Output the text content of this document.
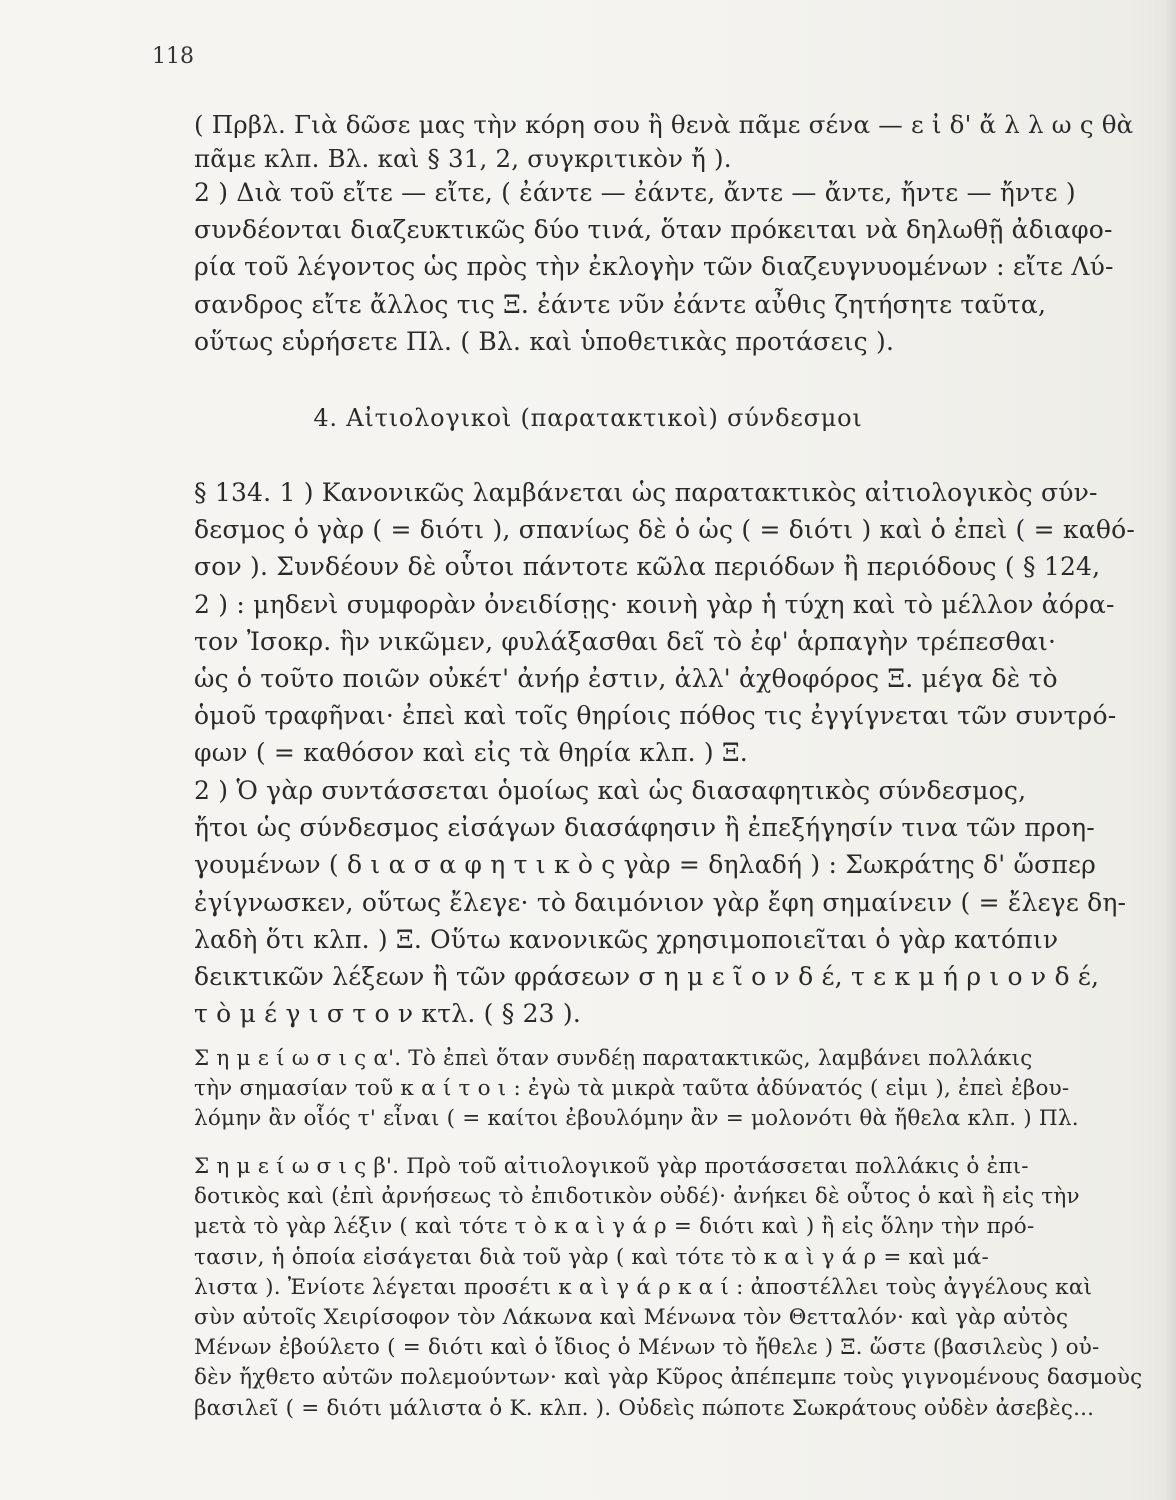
118
( Πρβλ. Γιὰ δῶσε μας τὴν κόρη σου ἢ θενὰ πᾶμε σένα — ε ἰ δ' ἄ λ λ ω ς θὰ
πᾶμε κλπ. Βλ. καὶ § 31, 2, συγκριτικὸν ἤ ).
2 ) Διὰ τοῦ εἴτε — εἴτε, ( ἐάντε — ἐάντε, ἄντε — ἄντε, ἤντε — ἤντε )
συνδέονται διαζευκτικῶς δύο τινά, ὅταν πρόκειται νὰ δηλωθῇ ἀδιαφο-
ρία τοῦ λέγοντος ὡς πρὸς τὴν ἐκλογὴν τῶν διαζευγνυομένων : εἴτε Λύ-
σανδρος εἴτε ἄλλος τις Ξ. ἐάντε νῦν ἐάντε αὖθις ζητήσητε ταῦτα,
οὕτως εὑρήσετε Πλ. ( Βλ. καὶ ὑποθετικὰς προτάσεις ).
4. Αἰτιολογικοὶ (παρατακτικοὶ) σύνδεσμοι
§ 134. 1 ) Κανονικῶς λαμβάνεται ὡς παρατακτικὸς αἰτιολογικὸς σύν-
δεσμος ὁ γὰρ ( = διότι ), σπανίως δὲ ὁ ὡς ( = διότι ) καὶ ὁ ἐπεὶ ( = καθό-
σον ). Συνδέουν δὲ οὗτοι πάντοτε κῶλα περιόδων ἢ περιόδους ( § 124,
2 ) : μηδενὶ συμφορὰν ὀνειδίσῃς· κοινὴ γὰρ ἡ τύχη καὶ τὸ μέλλον ἀόρα-
τον Ἰσοκρ. ἣν νικῶμεν, φυλάξασθαι δεῖ τὸ ἐφ' ἁρπαγὴν τρέπεσθαι·
ὡς ὁ τοῦτο ποιῶν οὐκέτ' ἀνήρ ἐστιν, ἀλλ' ἀχθοφόρος Ξ. μέγα δὲ τὸ
ὁμοῦ τραφῆναι· ἐπεὶ καὶ τοῖς θηρίοις πόθος τις ἐγγίγνεται τῶν συντρό-
φων ( = καθόσον καὶ εἰς τὰ θηρία κλπ. ) Ξ.
2 ) Ὁ γὰρ συντάσσεται ὁμοίως καὶ ὡς διασαφητικὸς σύνδεσμος,
ἤτοι ὡς σύνδεσμος εἰσάγων διασάφησιν ἢ ἐπεξήγησίν τινα τῶν προη-
γουμένων ( δ ι α σ α φ η τ ι κ ὸ ς γὰρ = δηλαδή ) : Σωκράτης δ' ὥσπερ
ἐγίγνωσκεν, οὕτως ἔλεγε· τὸ δαιμόνιον γὰρ ἔφη σημαίνειν ( = ἔλεγε δη-
λαδὴ ὅτι κλπ. ) Ξ. Οὕτω κανονικῶς χρησιμοποιεῖται ὁ γὰρ κατόπιν
δεικτικῶν λέξεων ἢ τῶν φράσεων σ η μ ε ῖ ο ν δ έ, τ ε κ μ ή ρ ι ο ν δ έ,
τ ὸ μ έ γ ι σ τ ο ν κτλ. ( § 23 ).
Σ η μ ε ί ω σ ι ς α'. Τὸ ἐπεὶ ὅταν συνδέῃ παρατακτικῶς, λαμβάνει πολλάκις
τὴν σημασίαν τοῦ κ α ί τ ο ι : ἐγὼ τὰ μικρὰ ταῦτα ἀδύνατός ( εἰμι ), ἐπεὶ ἐβου-
λόμην ἂν οἷός τ' εἶναι ( = καίτοι ἐβουλόμην ἂν = μολονότι θὰ ἤθελα κλπ. ) Πλ.
Σ η μ ε ί ω σ ι ς β'. Πρὸ τοῦ αἰτιολογικοῦ γὰρ προτάσσεται πολλάκις ὁ ἐπι-
δοτικὸς καὶ (ἐπὶ ἀρνήσεως τὸ ἐπιδοτικὸν οὐδέ)· ἀνήκει δὲ οὗτος ὁ καὶ ἢ εἰς τὴν
μετὰ τὸ γὰρ λέξιν ( καὶ τότε τ ὸ κ α ὶ γ ά ρ = διότι καὶ ) ἢ εἰς ὅλην τὴν πρό-
τασιν, ἡ ὁποία εἰσάγεται διὰ τοῦ γὰρ ( καὶ τότε τὸ κ α ὶ γ ά ρ = καὶ μά-
λιστα ). Ἐνίοτε λέγεται προσέτι κ α ὶ γ ά ρ κ α ί : ἀποστέλλει τοὺς ἀγγέλους καὶ
σὺν αὐτοῖς Χειρίσοφον τὸν Λάκωνα καὶ Μένωνα τὸν Θετταλόν· καὶ γὰρ αὐτὸς
Μένων ἐβούλετο ( = διότι καὶ ὁ ἴδιος ὁ Μένων τὸ ἤθελε ) Ξ. ὥστε (βασιλεὺς ) οὐ-
δὲν ἤχθετο αὐτῶν πολεμούντων· καὶ γὰρ Κῦρος ἀπέπεμπε τοὺς γιγνομένους δασμοὺς
βασιλεῖ ( = διότι μάλιστα ὁ Κ. κλπ. ). Οὐδεὶς πώποτε Σωκράτους οὐδὲν ἀσεβὲς...
